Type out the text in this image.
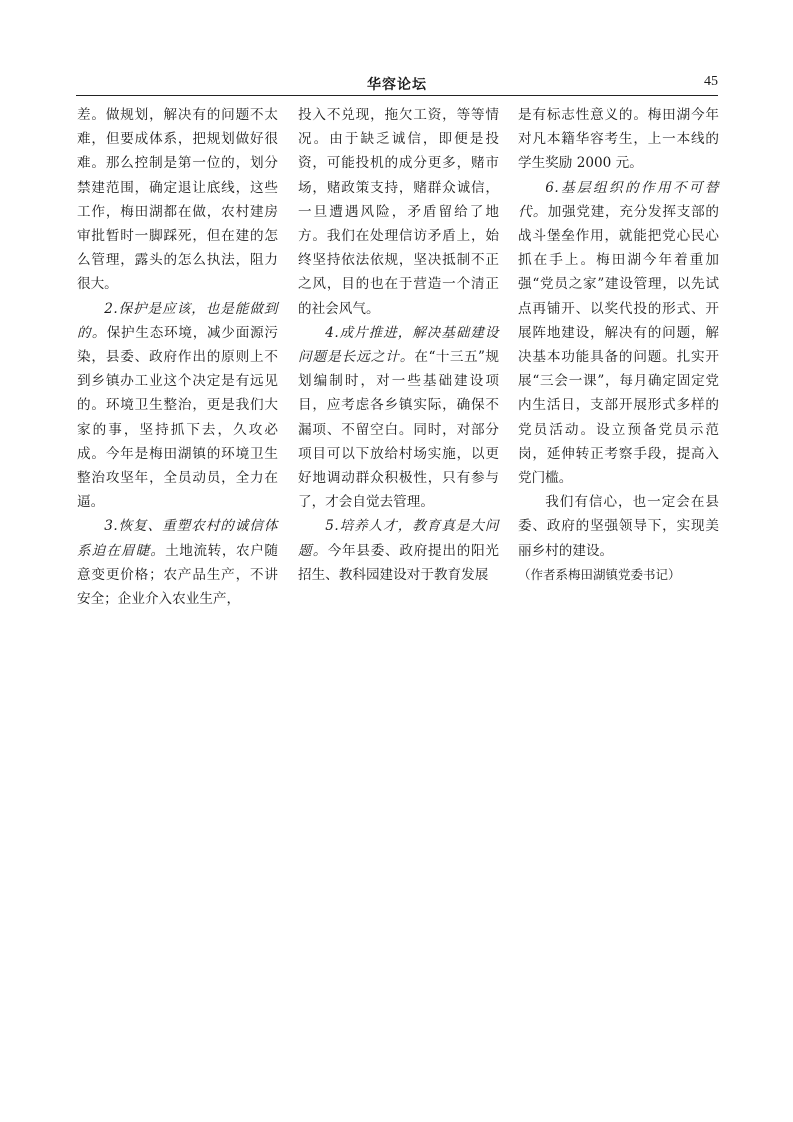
华容论坛	45

差。做规划，解决有的问题不太难，但要成体系，把规划做好很难。那么控制是第一位的，划分禁建范围，确定退让底线，这些工作，梅田湖都在做，农村建房审批暂时一脚踩死，但在建的怎么管理，露头的怎么执法，阻力很大。

2.保护是应该，也是能做到的。保护生态环境，减少面源污染，县委、政府作出的原则上不到乡镇办工业这个决定是有远见的。环境卫生整治，更是我们大家的事，坚持抓下去，久攻必成。今年是梅田湖镇的环境卫生整治攻坚年，全员动员，全力在逼。

3.恢复、重塑农村的诚信体系迫在眉睫。土地流转，农户随意变更价格；农产品生产，不讲安全；企业介入农业生产，

投入不兑现，拖欠工资，等等情况。由于缺乏诚信，即便是投资，可能投机的成分更多，赌市场，赌政策支持，赌群众诚信，一旦遭遇风险，矛盾留给了地方。我们在处理信访矛盾上，始终坚持依法依规，坚决抵制不正之风，目的也在于营造一个清正的社会风气。

4.成片推进，解决基础建设问题是长远之计。在“十三五”规划编制时，对一些基础建设项目，应考虑各乡镇实际，确保不漏项、不留空白。同时，对部分项目可以下放给村场实施，以更好地调动群众积极性，只有参与了，才会自觉去管理。

5.培养人才，教育真是大问题。今年县委、政府提出的阳光招生、教科园建设对于教育发展

是有标志性意义的。梅田湖今年对凡本籍华容考生，上一本线的学生奖励 2000 元。

6.基层组织的作用不可替代。加强党建，充分发挥支部的战斗堡垒作用，就能把党心民心抓在手上。梅田湖今年着重加强“党员之家”建设管理，以先试点再铺开、以奖代投的形式、开展阵地建设，解决有的问题，解决基本功能具备的问题。扎实开展“三会一课”，每月确定固定党内生活日，支部开展形式多样的党员活动。设立预备党员示范岗，延伸转正考察手段，提高入党门槛。

我们有信心，也一定会在县委、政府的坚强领导下，实现美丽乡村的建设。

（作者系梅田湖镇党委书记）
